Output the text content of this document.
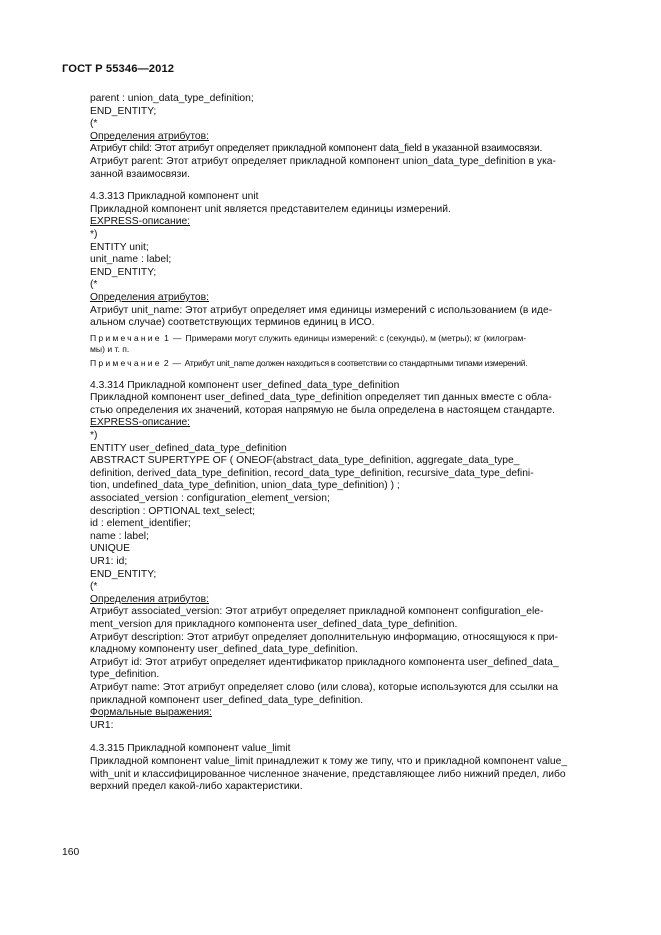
ГОСТ Р 55346—2012

parent : union_data_type_definition;

END_ENTITY;

(*

Определения атрибутов:

Атрибут child: Этот атрибут определяет прикладной компонент data_field в указанной взаимосвязи.

Атрибут parent: Этот атрибут определяет прикладной компонент union_data_type_definition в ука-

занной взаимосвязи.

4.3.313 Прикладной компонент unit

Прикладной компонент unit является представителем единицы измерений.

EXPRESS-описание:

*)

ENTITY unit;

unit_name : label;

END_ENTITY;

(*

Определения атрибутов:

Атрибут unit_name: Этот атрибут определяет имя единицы измерений с использованием (в иде-

альном случае) соответствующих терминов единиц в ИСО.

Примечание 1 — Примерами могут служить единицы измерений: с (секунды), м (метры); кг (килограм-

мы) и т. п.

Примечание 2 — Атрибут unit_name должен находиться в соответствии со стандартными типами измерений.

4.3.314 Прикладной компонент user_defined_data_type_definition

Прикладной компонент user_defined_data_type_definition определяет тип данных вместе с обла-

стью определения их значений, которая напрямую не была определена в настоящем стандарте.

EXPRESS-описание:

*)

ENTITY user_defined_data_type_definition

ABSTRACT SUPERTYPE OF ( ONEOF(abstract_data_type_definition, aggregate_data_type_

definition, derived_data_type_definition, record_data_type_definition, recursive_data_type_defini-

tion, undefined_data_type_definition, union_data_type_definition) ) ;

associated_version : configuration_element_version;

description : OPTIONAL text_select;

id : element_identifier;

name : label;

UNIQUE

UR1: id;

END_ENTITY;

(*

Определения атрибутов:

Атрибут associated_version: Этот атрибут определяет прикладной компонент configuration_ele-

ment_version для прикладного компонента user_defined_data_type_definition.

Атрибут description: Этот атрибут определяет дополнительную информацию, относящуюся к при-

кладному компоненту user_defined_data_type_definition.

Атрибут id: Этот атрибут определяет идентификатор прикладного компонента user_defined_data_

type_definition.

Атрибут name: Этот атрибут определяет слово (или слова), которые используются для ссылки на

прикладной компонент user_defined_data_type_definition.

Формальные выражения:

UR1:

4.3.315 Прикладной компонент value_limit

Прикладной компонент value_limit принадлежит к тому же типу, что и прикладной компонент value_

with_unit и классифицированное численное значение, представляющее либо нижний предел, либо

верхний предел какой-либо характеристики.

160
